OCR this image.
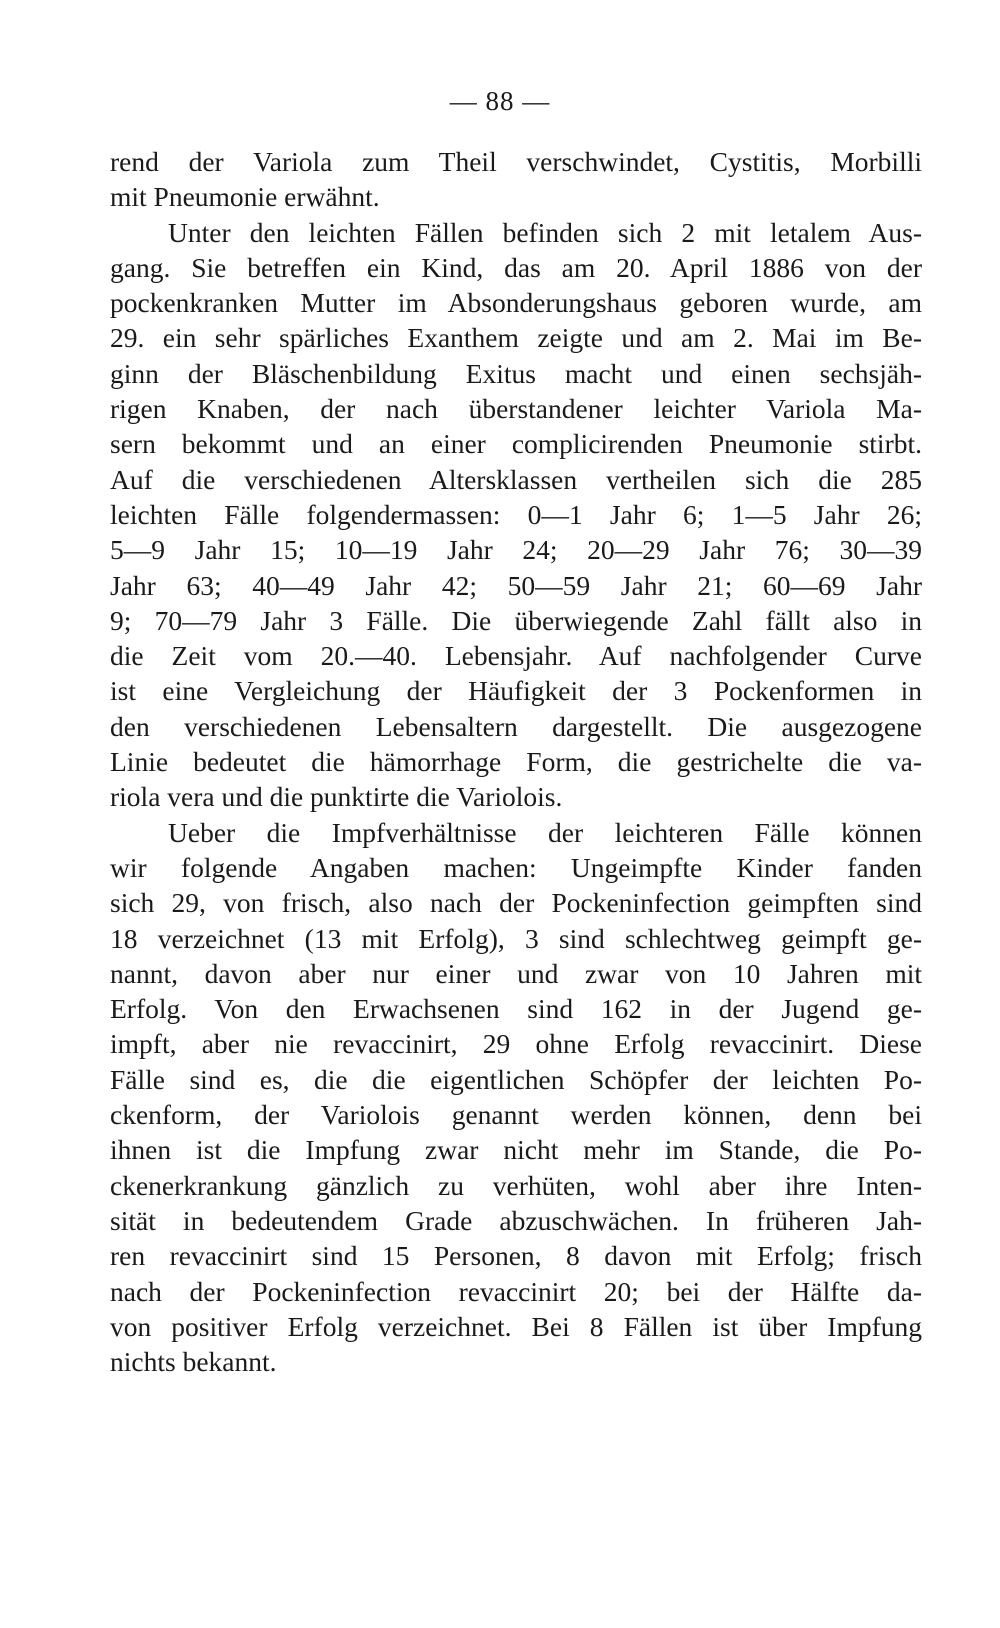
— 88 —
rend der Variola zum Theil verschwindet, Cystitis, Morbilli
mit Pneumonie erwähnt.
Unter den leichten Fällen befinden sich 2 mit letalem Aus-
gang. Sie betreffen ein Kind, das am 20. April 1886 von der
pockenkranken Mutter im Absonderungshaus geboren wurde, am
29. ein sehr spärliches Exanthem zeigte und am 2. Mai im Be-
ginn der Bläschenbildung Exitus macht und einen sechsjäh-
rigen Knaben, der nach überstandener leichter Variola Ma-
sern bekommt und an einer complicirenden Pneumonie stirbt.
Auf die verschiedenen Altersklassen vertheilen sich die 285
leichten Fälle folgendermassen: 0—1 Jahr 6; 1—5 Jahr 26;
5—9 Jahr 15; 10—19 Jahr 24; 20—29 Jahr 76; 30—39
Jahr 63; 40—49 Jahr 42; 50—59 Jahr 21; 60—69 Jahr
9; 70—79 Jahr 3 Fälle. Die überwiegende Zahl fällt also in
die Zeit vom 20.—40. Lebensjahr. Auf nachfolgender Curve
ist eine Vergleichung der Häufigkeit der 3 Pockenformen in
den verschiedenen Lebensaltern dargestellt. Die ausgezogene
Linie bedeutet die hämorrhage Form, die gestrichelte die va-
riola vera und die punktirte die Variolois.
Ueber die Impfverhältnisse der leichteren Fälle können
wir folgende Angaben machen: Ungeimpfte Kinder fanden
sich 29, von frisch, also nach der Pockeninfection geimpften sind
18 verzeichnet (13 mit Erfolg), 3 sind schlechtweg geimpft ge-
nannt, davon aber nur einer und zwar von 10 Jahren mit
Erfolg. Von den Erwachsenen sind 162 in der Jugend ge-
impft, aber nie revaccinirt, 29 ohne Erfolg revaccinirt. Diese
Fälle sind es, die die eigentlichen Schöpfer der leichten Po-
ckenform, der Variolois genannt werden können, denn bei
ihnen ist die Impfung zwar nicht mehr im Stande, die Po-
ckenerkrankung gänzlich zu verhüten, wohl aber ihre Inten-
sität in bedeutendem Grade abzuschwächen. In früheren Jah-
ren revaccinirt sind 15 Personen, 8 davon mit Erfolg; frisch
nach der Pockeninfection revaccinirt 20; bei der Hälfte da-
von positiver Erfolg verzeichnet. Bei 8 Fällen ist über Impfung
nichts bekannt.
